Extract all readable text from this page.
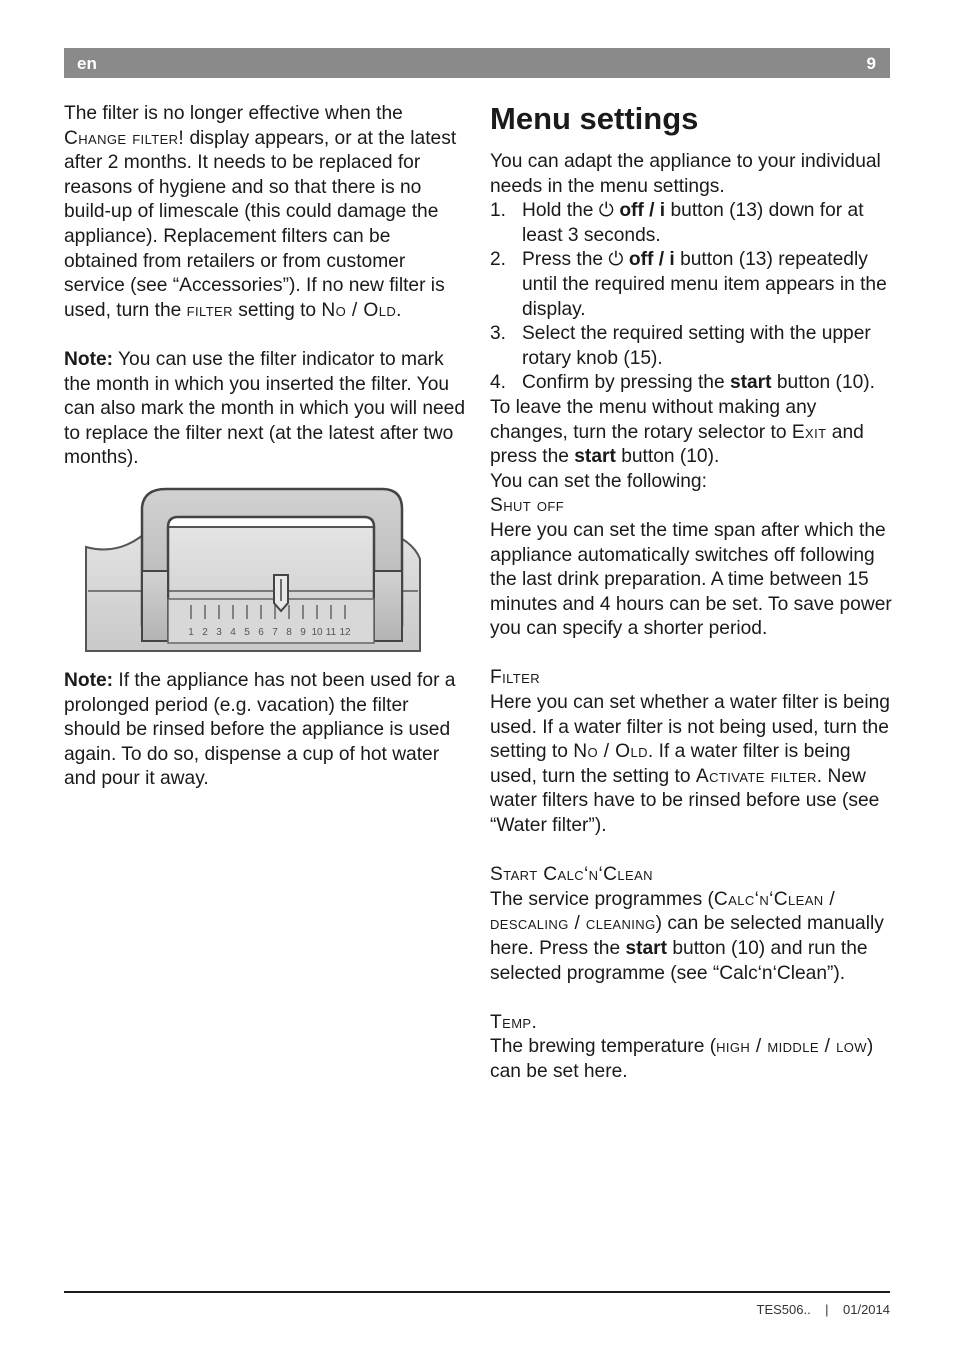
en	9

The filter is no longer effective when the Change filter! display appears, or at the latest after 2 months. It needs to be replaced for reasons of hygiene and so that there is no build-up of limescale (this could damage the appliance). Replacement filters can be obtained from retailers or from customer service (see “Accessories”). If no new filter is used, turn the filter setting to No / Old.

Note: You can use the filter indicator to mark the month in which you inserted the filter. You can also mark the month in which you will need to replace the filter next (at the latest after two months).

1 2 3 4 5 6 7 8 9 10 11 12

Note: If the appliance has not been used for a prolonged period (e.g. vacation) the filter should be rinsed before the appliance is used again. To do so, dispense a cup of hot water and pour it away.

Menu settings

You can adapt the appliance to your individual needs in the menu settings.

1. Hold the ⏻ off / i button (13) down for at least 3 seconds.
2. Press the ⏻ off / i button (13) repeatedly until the required menu item appears in the display.
3. Select the required setting with the upper rotary knob (15).
4. Confirm by pressing the start button (10).

To leave the menu without making any changes, turn the rotary selector to Exit and press the start button (10).

You can set the following:

Shut off

Here you can set the time span after which the appliance automatically switches off following the last drink preparation. A time between 15 minutes and 4 hours can be set. To save power you can specify a shorter period.

Filter

Here you can set whether a water filter is being used. If a water filter is not being used, turn the setting to No / Old. If a water filter is being used, turn the setting to Activate filter. New water filters have to be rinsed before use (see “Water filter”).

Start Calc‘n‘Clean

The service programmes (Calc‘n‘Clean / descaling / cleaning) can be selected manually here. Press the start button (10) and run the selected programme (see “Calc‘n‘Clean”).

Temp.

The brewing temperature (high / middle / low) can be set here.

TES506.. | 01/2014
